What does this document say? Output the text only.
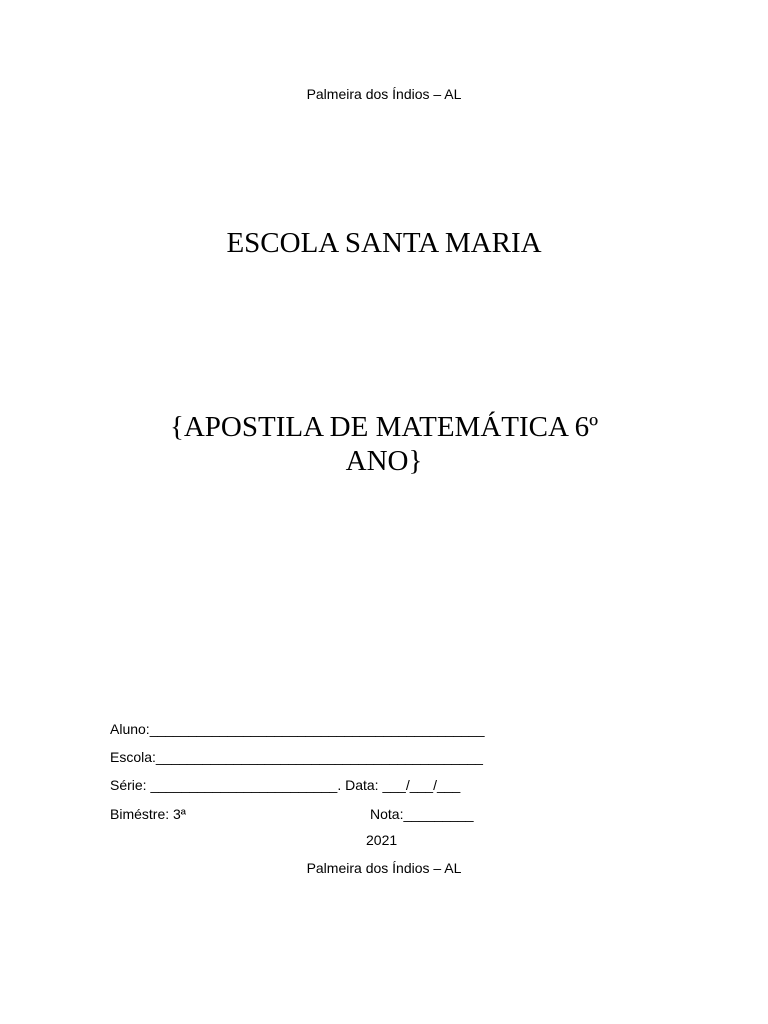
Palmeira dos Índios – AL
ESCOLA SANTA MARIA
{APOSTILA DE MATEMÁTICA 6º
ANO}
Aluno:___________________________________________
Escola:__________________________________________
Série: ________________________. Data: ___/___/___
Biméstre: 3ª	Nota:_________
2021
Palmeira dos Índios – AL
